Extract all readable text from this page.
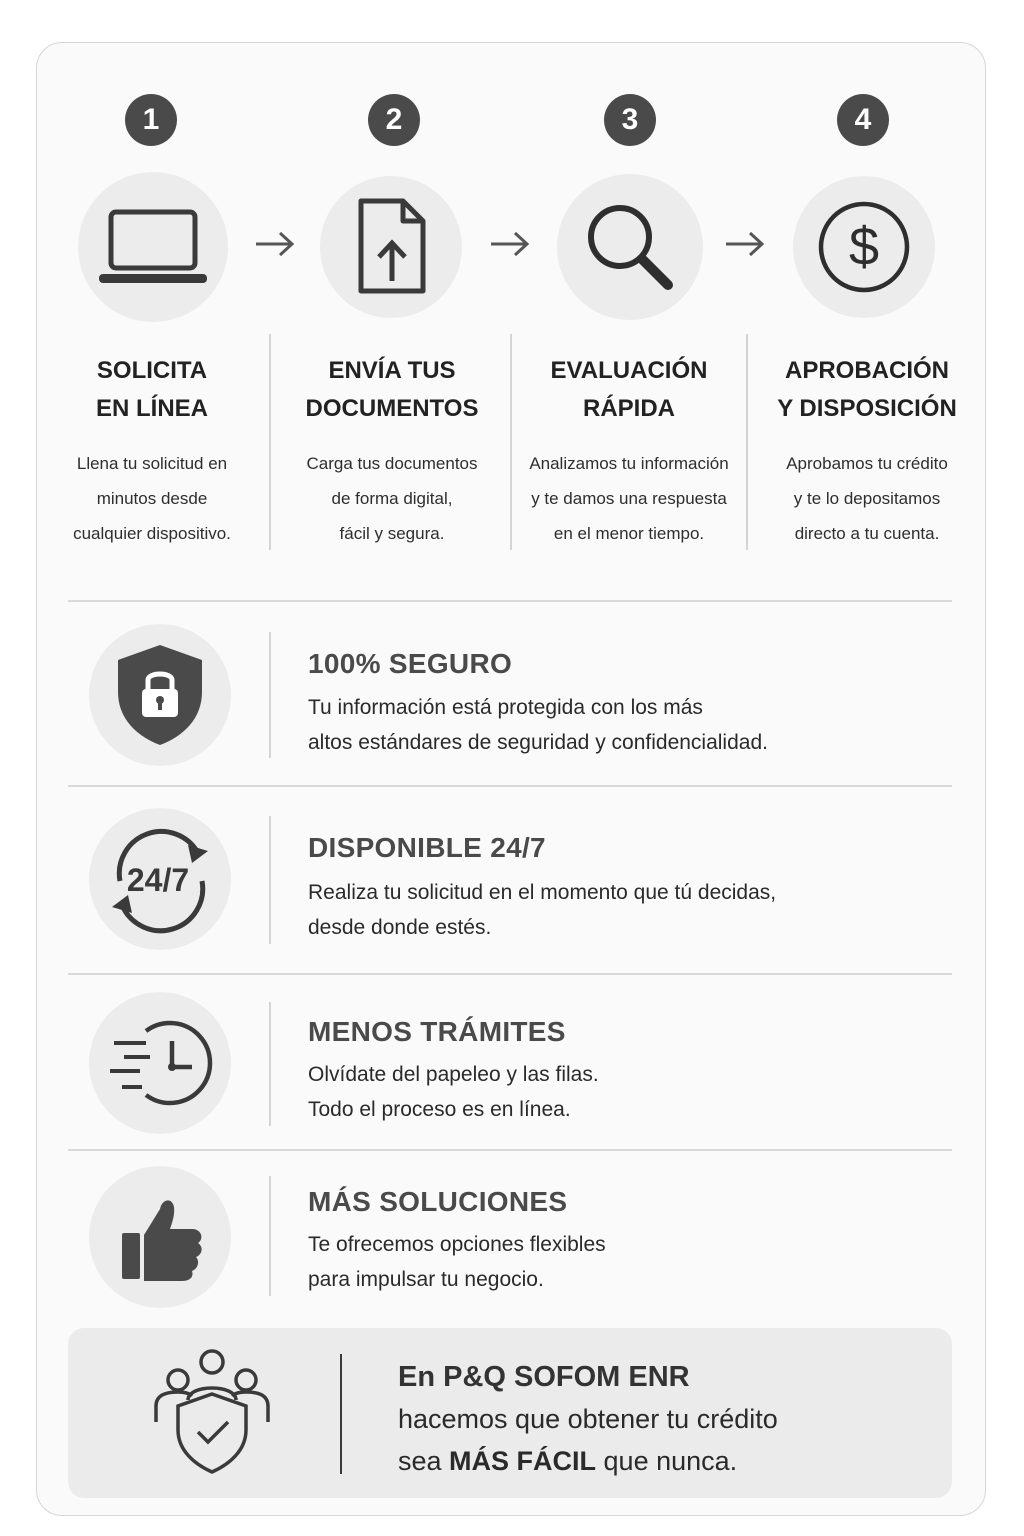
1
SOLICITA
EN LÍNEA
Llena tu solicitud en
minutos desde
cualquier dispositivo.
2
ENVÍA TUS
DOCUMENTOS
Carga tus documentos
de forma digital,
fácil y segura.
3
EVALUACIÓN
RÁPIDA
Analizamos tu información
y te damos una respuesta
en el menor tiempo.
4
$
APROBACIÓN
Y DISPOSICIÓN
Aprobamos tu crédito
y te lo depositamos
directo a tu cuenta.
100% SEGURO
Tu información está protegida con los más
altos estándares de seguridad y confidencialidad.
24/7
DISPONIBLE 24/7
Realiza tu solicitud en el momento que tú decidas,
desde donde estés.
MENOS TRÁMITES
Olvídate del papeleo y las filas.
Todo el proceso es en línea.
MÁS SOLUCIONES
Te ofrecemos opciones flexibles
para impulsar tu negocio.
En P&Q SOFOM ENR
hacemos que obtener tu crédito
sea MÁS FÁCIL que nunca.
